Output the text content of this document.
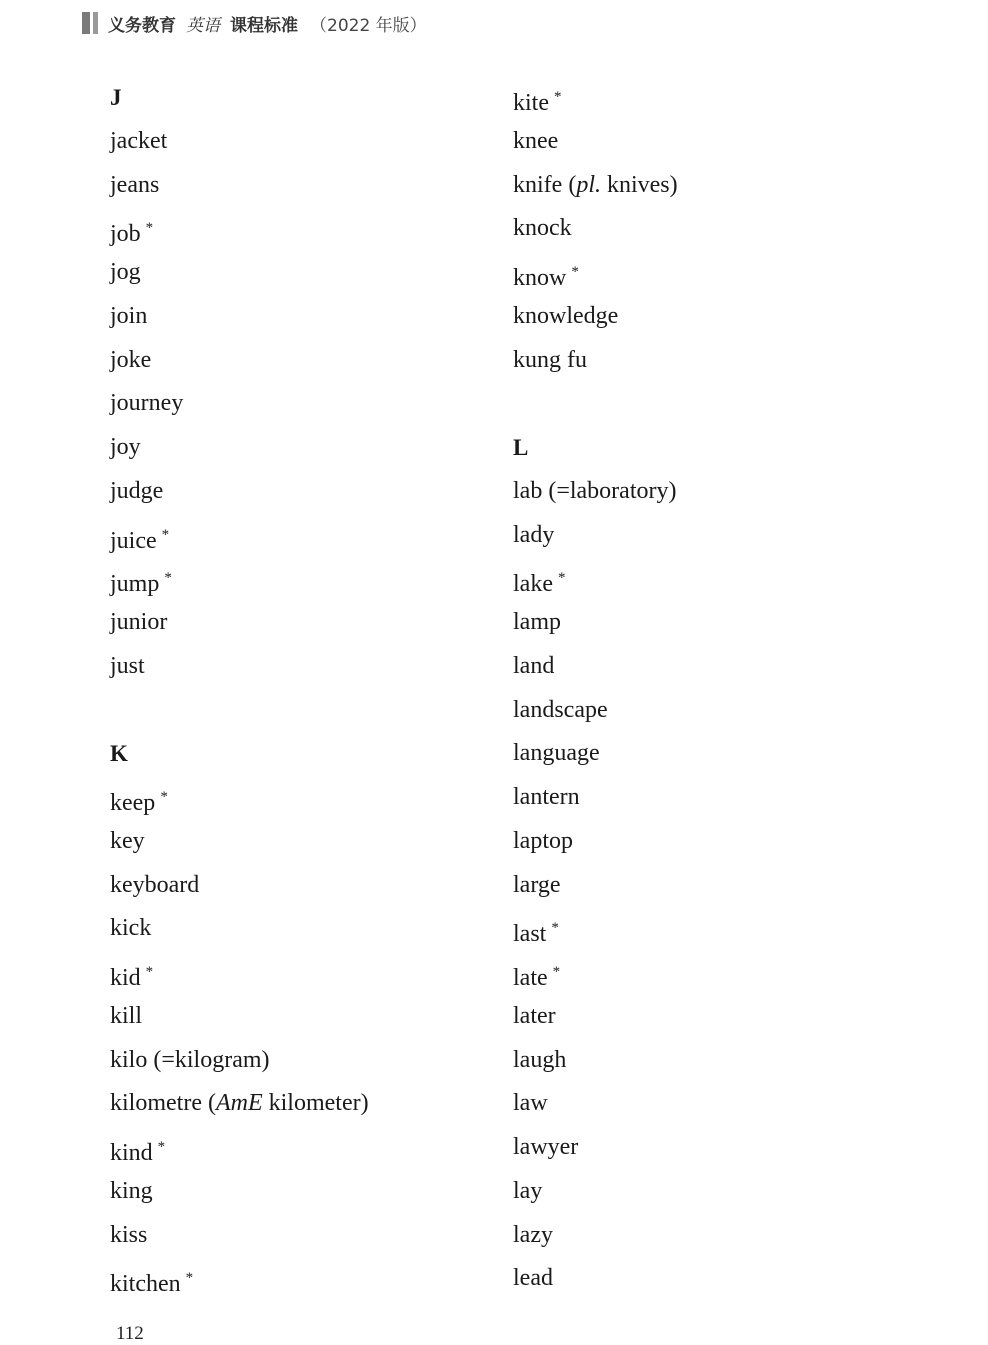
义务教育 英语 课程标准 （2022 年版）
J
jacket
jeans
job *
jog
join
joke
journey
joy
judge
juice *
jump *
junior
just
K
keep *
key
keyboard
kick
kid *
kill
kilo (=kilogram)
kilometre (AmE kilometer)
kind *
king
kiss
kitchen *
kite *
knee
knife (pl. knives)
knock
know *
knowledge
kung fu
L
lab (=laboratory)
lady
lake *
lamp
land
landscape
language
lantern
laptop
large
last *
late *
later
laugh
law
lawyer
lay
lazy
lead
112
